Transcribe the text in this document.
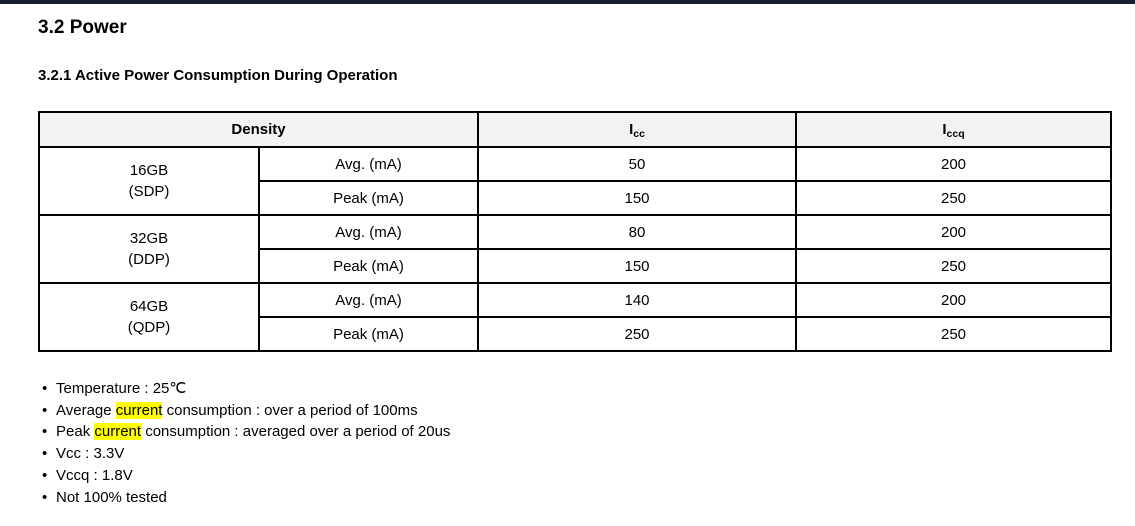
3.2 Power
3.2.1 Active Power Consumption During Operation
Density		$I_{cc}$	$I_{ccq}$

16GB
(SDP)	Avg. (mA)	50	200
	Peak (mA)	150	250

32GB
(DDP)	Avg. (mA)	80	200
	Peak (mA)	150	250

64GB
(QDP)	Avg. (mA)	140	200
	Peak (mA)	250	250
• Temperature : 25℃
• Average current consumption : over a period of 100ms
• Peak current consumption : averaged over a period of 20us
• Vcc : 3.3V
• Vccq : 1.8V
• Not 100% tested
